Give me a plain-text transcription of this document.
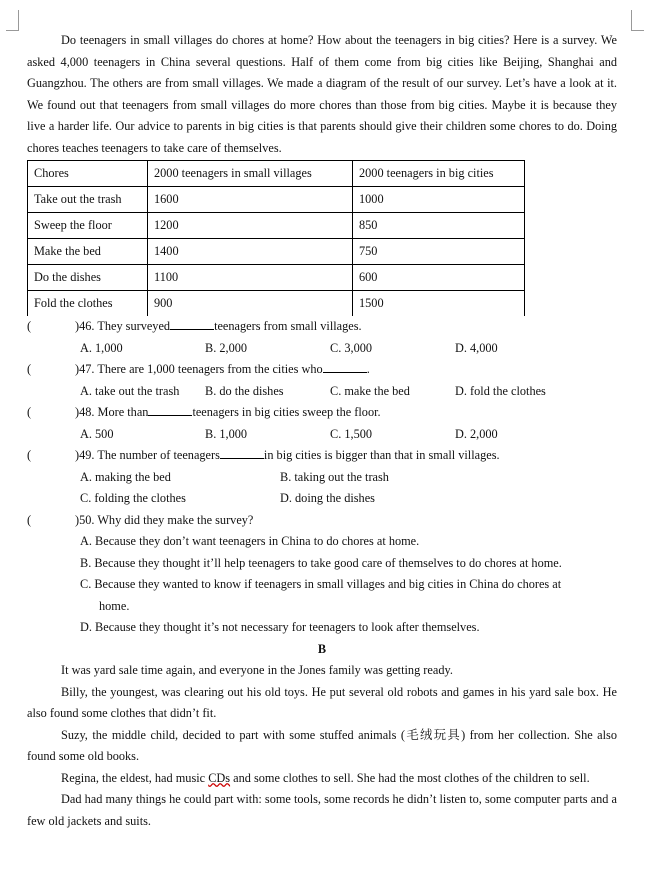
Do teenagers in small villages do chores at home? How about the teenagers in big cities? Here is a survey. We asked 4,000 teenagers in China several questions. Half of them come from big cities like Beijing, Shanghai and Guangzhou. The others are from small villages. We made a diagram of the result of our survey. Let’s have a look at it. We found out that teenagers from small villages do more chores than those from big cities. Maybe it is because they live a harder life. Our advice to parents in big cities is that parents should give their children some chores to do. Doing chores teaches teenagers to take care of themselves.

Chores	2000 teenagers in small villages	2000 teenagers in big cities
Take out the trash	1600	1000
Sweep the floor	1200	850
Make the bed	1400	750
Do the dishes	1100	600
Fold the clothes	900	1500
(	)46. They surveyed	teenagers from small villages.
A. 1,000	B. 2,000	C. 3,000	D. 4,000
(	)47. There are 1,000 teenagers from the cities who	.
A. take out the trash	B. do the dishes	C. make the bed	D. fold the clothes
(	)48. More than	teenagers in big cities sweep the floor.
A. 500	B. 1,000	C. 1,500	D. 2,000
(	)49. The number of teenagers	in big cities is bigger than that in small villages.
A. making the bed	B. taking out the trash
C. folding the clothes	D. doing the dishes
(	)50. Why did they make the survey?
A. Because they don’t want teenagers in China to do chores at home.
B. Because they thought it’ll help teenagers to take good care of themselves to do chores at home.
C. Because they wanted to know if teenagers in small villages and big cities in China do chores at
home.
D. Because they thought it’s not necessary for teenagers to look after themselves.
B

It was yard sale time again, and everyone in the Jones family was getting ready.

Billy, the youngest, was clearing out his old toys. He put several old robots and games in his yard sale box. He also found some clothes that didn’t fit.

Suzy, the middle child, decided to part with some stuffed animals (毛绒玩具) from her collection. She also found some old books.

Regina, the eldest, had music CDs and some clothes to sell. She had the most clothes of the children to sell.

Dad had many things he could part with: some tools, some records he didn’t listen to, some computer parts and a few old jackets and suits.
